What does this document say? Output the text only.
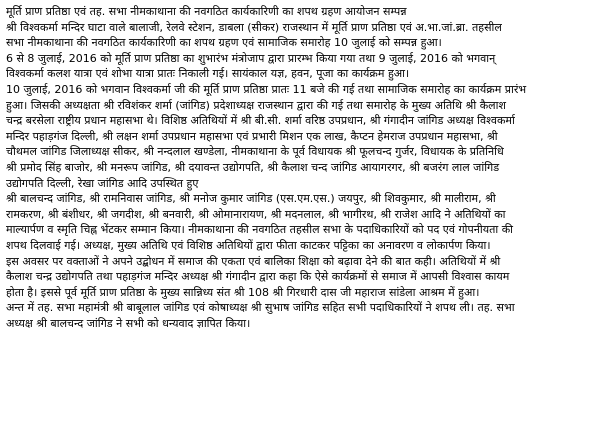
मूर्ति प्राण प्रतिष्ठा एवं तह. सभा नीमकाथाना की नवगठित कार्यकारिणी का शपथ ग्रहण आयोजन सम्पन्न
श्री विश्वकर्मा मन्दिर घाटा वाले बालाजी, रेलवे स्टेशन, डाबला (सीकर) राजस्थान में मूर्ति प्राण प्रतिष्ठा एवं अ.भा.जां.ब्रा. तहसील
सभा नीमकाथाना की नवगठित कार्यकारिणी का शपथ ग्रहण एवं सामाजिक समारोह 10 जुलाई को सम्पन्न हुआ।
6 से 8 जुलाई, 2016 को मूर्ति प्राण प्रतिष्ठा का शुभारंभ मंत्रोजाप द्वारा प्रारम्भ किया गया तथा 9 जुलाई, 2016 को भगवान्
विश्वकर्मा कलश यात्रा एवं शोभा यात्रा प्रातः निकाली गई। सायंकाल यज्ञ, हवन, पूजा का कार्यक्रम हुआ।
10 जुलाई, 2016 को भगवान विश्वकर्मा जी की मूर्ति प्राण प्रतिष्ठा प्रातः 11 बजे की गई तथा सामाजिक समारोह का कार्यक्रम प्रारंभ
हुआ। जिसकी अध्यक्षता श्री रविशंकर शर्मा (जांगिड) प्रदेशाध्यक्ष राजस्थान द्वारा की गई तथा समारोह के मुख्य अतिथि श्री कैलाश
चन्द्र बरसेला राष्ट्रीय प्रधान महासभा थे। विशिष्ठ अतिथियों में श्री बी.सी. शर्मा वरिष्ठ उपप्रधान, श्री गंगादीन जांगिड अध्यक्ष विश्वकर्मा
मन्दिर पहाड़गंज दिल्ली, श्री लक्षन शर्मा उपप्रधान महासभा एवं प्रभारी मिशन एक लाख, कैप्टन हेमराज उपप्रधान महासभा, श्री
चौथमल जांगिड जिलाध्यक्ष सीकर, श्री नन्दलाल खण्डेला, नीमकाथाना के पूर्व विधायक श्री फूलचन्द गुर्जर, विधायक के प्रतिनिधि
श्री प्रमोद सिंह बाजोर, श्री मनरूप जांगिड, श्री दयावन्त उद्योगपति, श्री कैलाश चन्द जांगिड आयागरगर, श्री बजरंग लाल जांगिड
उद्योगपति दिल्ली, रेखा जांगिड आदि उपस्थित हुए
श्री बालचन्द जांगिड, श्री रामनिवास जांगिड, श्री मनोज कुमार जांगिड (एस.एम.एस.) जयपुर, श्री शिवकुमार, श्री मालीराम, श्री
रामकरण, श्री बंशीधर, श्री जगदीश, श्री बनवारी, श्री ओमानारायण, श्री मदनलाल, श्री भागीरथ, श्री राजेश आदि ने अतिथियों का
माल्यार्पण व स्मृति चिह्न भेंटकर सम्मान किया। नीमकाथाना की नवगठित तहसील सभा के पदाधिकारियों को पद एवं गोपनीयता की
शपथ दिलवाई गई। अध्यक्ष, मुख्य अतिथि एवं विशिष्ठ अतिथियों द्वारा फीता काटकर पट्टिका का अनावरण व लोकार्पण किया।
इस अवसर पर वक्ताओं ने अपने उद्बोधन में समाज की एकता एवं बालिका शिक्षा को बढ़ावा देने की बात कही। अतिथियों में श्री
कैलाश चन्द्र उद्योगपति तथा पहाड़गंज मन्दिर अध्यक्ष श्री गंगादीन द्वारा कहा कि ऐसे कार्यक्रमों से समाज में आपसी विश्वास कायम
होता है। इससे पूर्व मूर्ति प्राण प्रतिष्ठा के मुख्य सान्निध्य संत श्री 108 श्री गिरधारी दास जी महाराज सांडेला आश्रम में हुआ।
अन्त में तह. सभा महामंत्री श्री बाबूलाल जांगिड एवं कोषाध्यक्ष श्री सुभाष जांगिड सहित सभी पदाधिकारियों ने शपथ ली। तह. सभा
अध्यक्ष श्री बालचन्द जांगिड ने सभी को धन्यवाद ज्ञापित किया।
